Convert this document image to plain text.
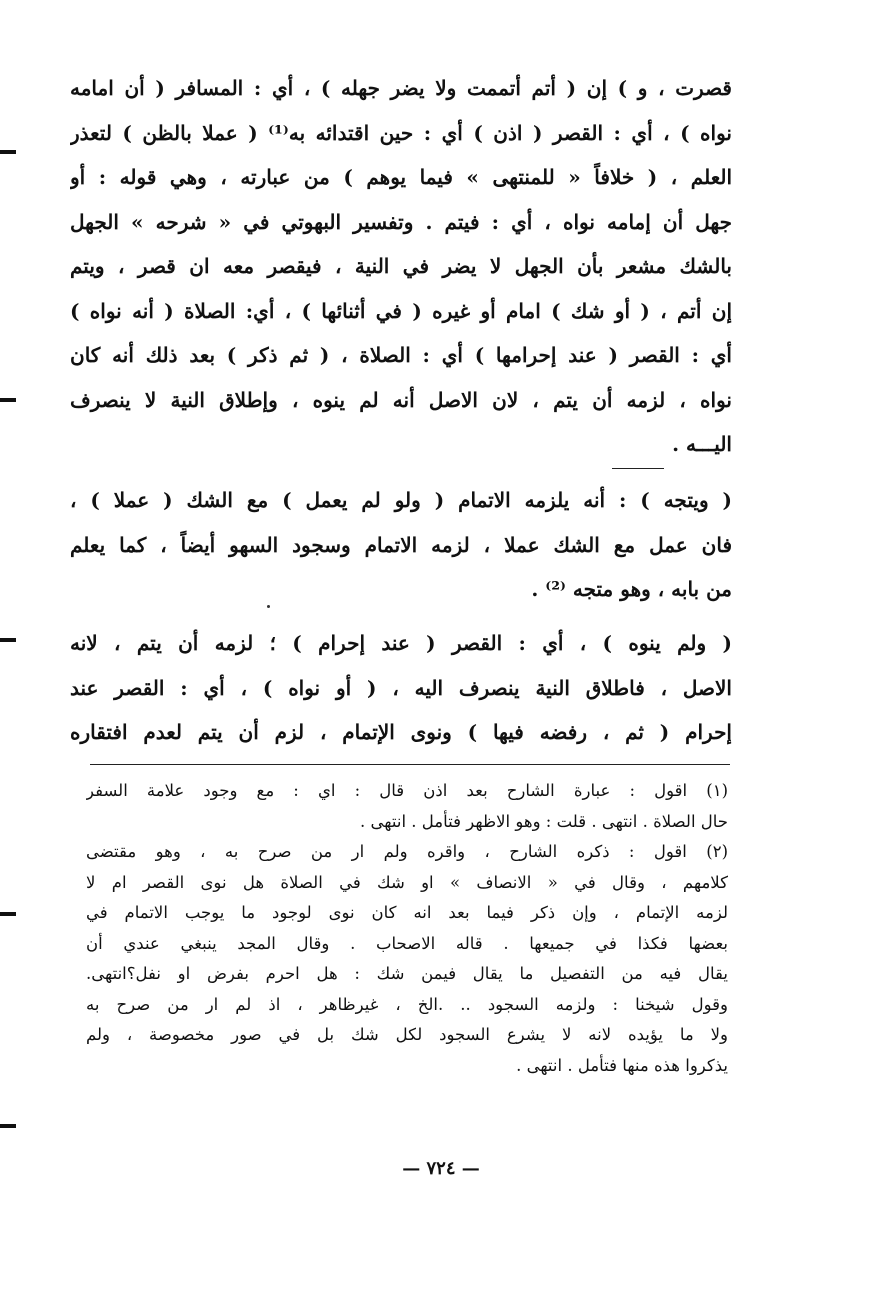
قصرت ، و ) إن ( أتم أتممت ولا يضر جهله ) ، أي : المسافر ( أن امامه
نواه ) ، أي : القصر ( اذن ) أي : حين اقتدائه به⁽¹⁾ ( عملا بالظن ) لتعذر
العلم ، ( خلافاً « للمنتهى » فيما يوهم ) من عبارته ، وهي قوله : أو
جهل أن إمامه نواه ، أي : فيتم . وتفسير البهوتي في « شرحه » الجهل
بالشك مشعر بأن الجهل لا يضر في النية ، فيقصر معه ان قصر ، ويتم
إن أتم ، ( أو شك ) امام أو غيره ( في أثنائها ) ، أي: الصلاة ( أنه نواه )
أي : القصر ( عند إحرامها ) أي : الصلاة ، ( ثم ذكر ) بعد ذلك أنه كان
نواه ، لزمه أن يتم ، لان الاصل أنه لم ينوه ، وإطلاق النية لا ينصرف
اليـــه .
( ويتجه ) : أنه يلزمه الاتمام ( ولو لم يعمل ) مع الشك ( عملا ) ،
فان عمل مع الشك عملا ، لزمه الاتمام وسجود السهو أيضاً ، كما يعلم
من بابه ، وهو متجه ⁽²⁾ .
( ولم ينوه ) ، أي : القصر ( عند إحرام ) ؛ لزمه أن يتم ، لانه
الاصل ، فاطلاق النية ينصرف اليه ، ( أو نواه ) ، أي : القصر عند
إحرام ( ثم ، رفضه فيها ) ونوى الإتمام ، لزم أن يتم لعدم افتقاره
(١) اقول : عبارة الشارح بعد اذن قال : اي : مع وجود علامة السفر
حال الصلاة . انتهى . قلت : وهو الاظهر فتأمل . انتهى .
(٢) اقول : ذكره الشارح ، واقره ولم ار من صرح به ، وهو مقتضى
كلامهم ، وقال في « الانصاف » او شك في الصلاة هل نوى القصر ام لا
لزمه الإتمام ، وإن ذكر فيما بعد انه كان نوى لوجود ما يوجب الاتمام في
بعضها فكذا في جميعها . قاله الاصحاب . وقال المجد ينبغي عندي أن
يقال فيه من التفصيل ما يقال فيمن شك : هل احرم بفرض او نفل؟انتهى.
وقول شيخنا : ولزمه السجود .. .الخ ، غيرظاهر ، اذ لم ار من صرح به
ولا ما يؤيده لانه لا يشرع السجود لكل شك بل في صور مخصوصة ، ولم
يذكروا هذه منها فتأمل . انتهى .
— ٧٢٤ —
